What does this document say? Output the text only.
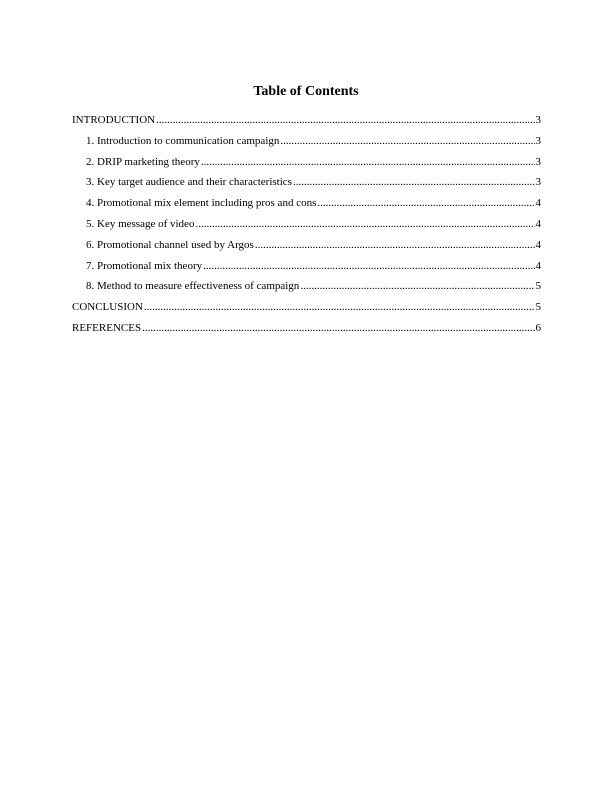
Table of Contents
INTRODUCTION .....	3
1. Introduction to communication campaign .....	3
2. DRIP marketing theory .....	3
3. Key target audience and their characteristics .....	3
4. Promotional mix element including pros and cons .....	4
5. Key message of video .....	4
6. Promotional channel used by Argos .....	4
7. Promotional mix theory .....	4
8. Method to measure effectiveness of campaign .....	5
CONCLUSION .....	5
REFERENCES .....	6
